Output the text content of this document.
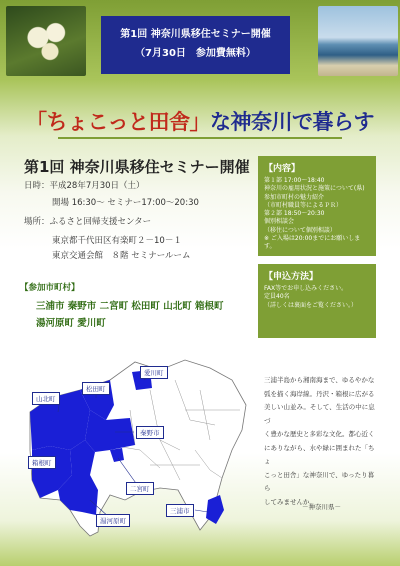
第1回 神奈川県移住セミナー開催
（7月30日　参加費無料）
「ちょこっと田舎」な神奈川で暮らす
第1回 神奈川県移住セミナー開催
日時：平成28年7月30日（土）
開場 16:30～ セミナー17:00～20:30
場所：ふるさと回帰支援センター
東京都千代田区有楽町２－10－１
東京交通会館　８階 セミナールーム
【参加市町村】
三浦市 秦野市 二宮町 松田町 山北町 箱根町
湯河原町 愛川町
【内容】
第１部 17:00～18:40
神奈川の雇用状況と施策について(県)
参加市町村の魅力紹介
（市町村職員等によるＰＲ）
第２部 18:50～20:30
個別相談会
（移住について個別相談）
※ ご入場は20:00までにお願いします。
【申込方法】
FAX等でお申し込みください。
定員40名
（詳しくは裏面をご覧ください。）
愛川町
松田町
山北町
秦野市
箱根町
二宮町
湯河原町
三浦市
三浦半島から湘南海まで、ゆるやかな
弧を描く海岸線。丹沢・箱根に広がる
美しい山並み。そして、生活の中に息づ
く豊かな歴史と多彩な文化。都心近く
にありながら、水や緑に囲まれた「ちょ
こっと田舎」な神奈川で、ゆったり暮ら
してみませんか。
－神奈川県－
